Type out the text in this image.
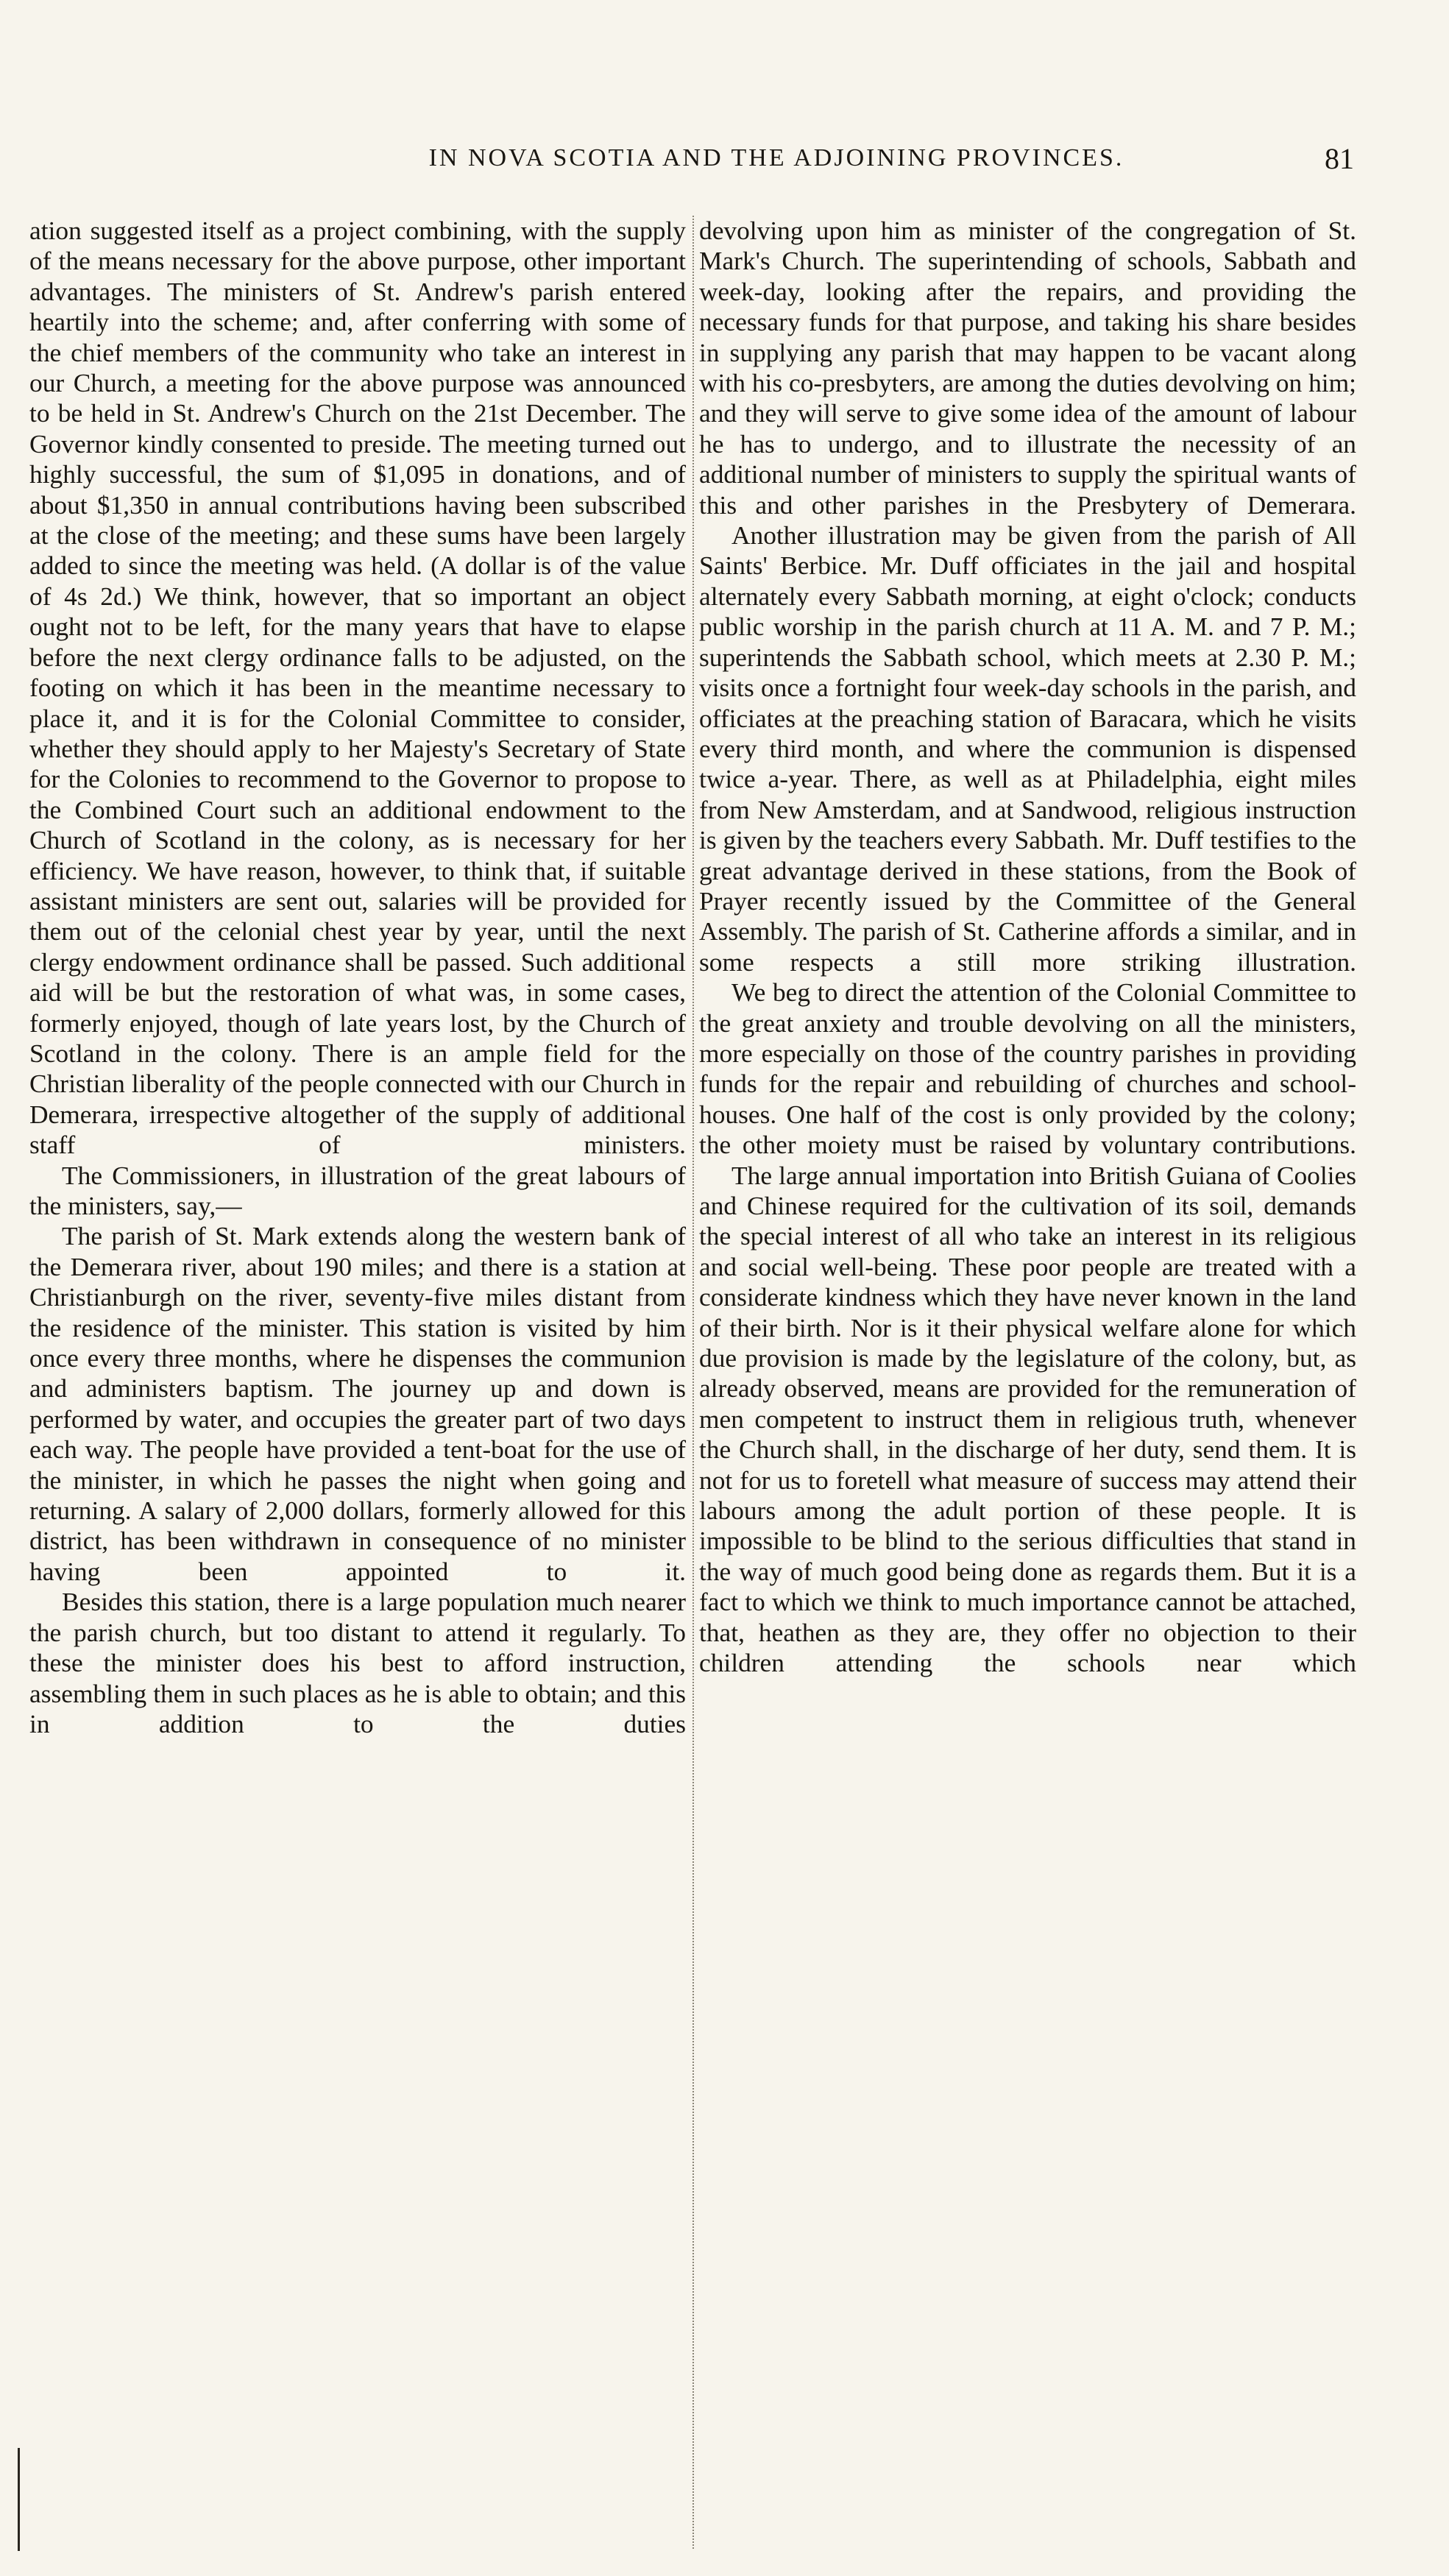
IN NOVA SCOTIA AND THE ADJOINING PROVINCES.	81

ation suggested itself as a project combining, with the supply of the means necessary for the above purpose, other important advantages. The ministers of St. Andrew's parish entered heartily into the scheme; and, after conferring with some of the chief members of the community who take an interest in our Church, a meeting for the above purpose was announced to be held in St. Andrew's Church on the 21st December. The Governor kindly consented to preside. The meeting turned out highly successful, the sum of $1,095 in donations, and of about $1,350 in annual contributions having been subscribed at the close of the meeting; and these sums have been largely added to since the meeting was held. (A dollar is of the value of 4s 2d.) We think, however, that so important an object ought not to be left, for the many years that have to elapse before the next clergy ordinance falls to be adjusted, on the footing on which it has been in the meantime necessary to place it, and it is for the Colonial Committee to consider, whether they should apply to her Majesty's Secretary of State for the Colonies to recommend to the Governor to propose to the Combined Court such an additional endowment to the Church of Scotland in the colony, as is necessary for her efficiency. We have reason, however, to think that, if suitable assistant ministers are sent out, salaries will be provided for them out of the celonial chest year by year, until the next clergy endowment ordinance shall be passed. Such additional aid will be but the restoration of what was, in some cases, formerly enjoyed, though of late years lost, by the Church of Scotland in the colony. There is an ample field for the Christian liberality of the people connected with our Church in Demerara, irrespective altogether of the supply of additional staff of ministers.

The Commissioners, in illustration of the great labours of the ministers, say,—

The parish of St. Mark extends along the western bank of the Demerara river, about 190 miles; and there is a station at Christianburgh on the river, seventy-five miles distant from the residence of the minister. This station is visited by him once every three months, where he dispenses the communion and administers baptism. The journey up and down is performed by water, and occupies the greater part of two days each way. The people have provided a tent-boat for the use of the minister, in which he passes the night when going and returning. A salary of 2,000 dollars, formerly allowed for this district, has been withdrawn in consequence of no minister having been appointed to it.

Besides this station, there is a large population much nearer the parish church, but too distant to attend it regularly. To these the minister does his best to afford instruction, assembling them in such places as he is able to obtain; and this in addition to the duties

devolving upon him as minister of the congregation of St. Mark's Church. The superintending of schools, Sabbath and week-day, looking after the repairs, and providing the necessary funds for that purpose, and taking his share besides in supplying any parish that may happen to be vacant along with his co-presbyters, are among the duties devolving on him; and they will serve to give some idea of the amount of labour he has to undergo, and to illustrate the necessity of an additional number of ministers to supply the spiritual wants of this and other parishes in the Presbytery of Demerara.

Another illustration may be given from the parish of All Saints' Berbice. Mr. Duff officiates in the jail and hospital alternately every Sabbath morning, at eight o'clock; conducts public worship in the parish church at 11 A. M. and 7 P. M.; superintends the Sabbath school, which meets at 2.30 P. M.; visits once a fortnight four week-day schools in the parish, and officiates at the preaching station of Baracara, which he visits every third month, and where the communion is dispensed twice a-year. There, as well as at Philadelphia, eight miles from New Amsterdam, and at Sandwood, religious instruction is given by the teachers every Sabbath. Mr. Duff testifies to the great advantage derived in these stations, from the Book of Prayer recently issued by the Committee of the General Assembly. The parish of St. Catherine affords a similar, and in some respects a still more striking illustration.

We beg to direct the attention of the Colonial Committee to the great anxiety and trouble devolving on all the ministers, more especially on those of the country parishes in providing funds for the repair and rebuilding of churches and school-houses. One half of the cost is only provided by the colony; the other moiety must be raised by voluntary contributions.

The large annual importation into British Guiana of Coolies and Chinese required for the cultivation of its soil, demands the special interest of all who take an interest in its religious and social well-being. These poor people are treated with a considerate kindness which they have never known in the land of their birth. Nor is it their physical welfare alone for which due provision is made by the legislature of the colony, but, as already observed, means are provided for the remuneration of men competent to instruct them in religious truth, whenever the Church shall, in the discharge of her duty, send them. It is not for us to foretell what measure of success may attend their labours among the adult portion of these people. It is impossible to be blind to the serious difficulties that stand in the way of much good being done as regards them. But it is a fact to which we think to much importance cannot be attached, that, heathen as they are, they offer no objection to their children attending the schools near which
